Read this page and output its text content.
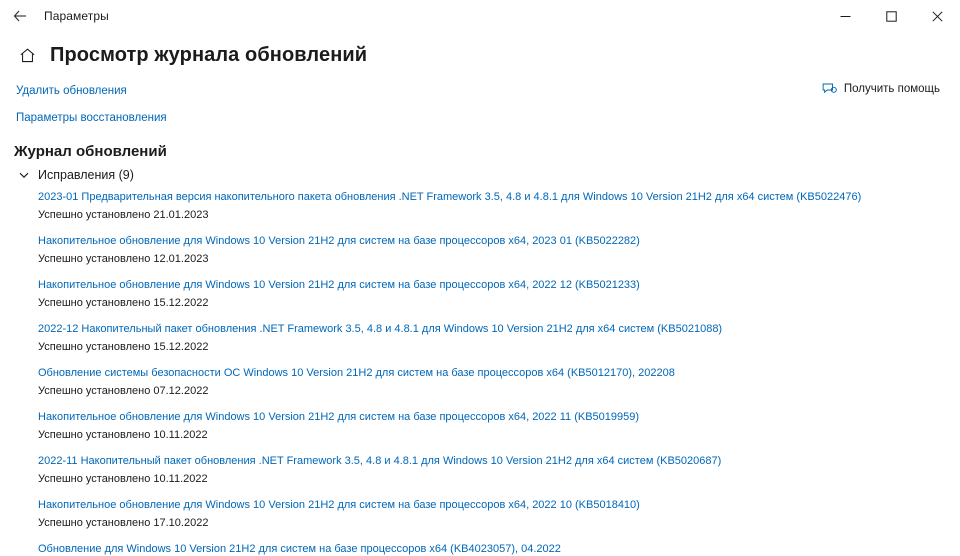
Параметры
Просмотр журнала обновлений
Удалить обновления
Параметры восстановления
Получить помощь
Журнал обновлений
Исправления (9)
2023-01 Предварительная версия накопительного пакета обновления .NET Framework 3.5, 4.8 и 4.8.1 для Windows 10 Version 21H2 для x64 систем (KB5022476)
Успешно установлено 21.01.2023
Накопительное обновление для Windows 10 Version 21H2 для систем на базе процессоров x64, 2023 01 (KB5022282)
Успешно установлено 12.01.2023
Накопительное обновление для Windows 10 Version 21H2 для систем на базе процессоров x64, 2022 12 (KB5021233)
Успешно установлено 15.12.2022
2022-12 Накопительный пакет обновления .NET Framework 3.5, 4.8 и 4.8.1 для Windows 10 Version 21H2 для x64 систем (KB5021088)
Успешно установлено 15.12.2022
Обновление системы безопасности ОС Windows 10 Version 21H2 для систем на базе процессоров x64 (KB5012170), 202208
Успешно установлено 07.12.2022
Накопительное обновление для Windows 10 Version 21H2 для систем на базе процессоров x64, 2022 11 (KB5019959)
Успешно установлено 10.11.2022
2022-11 Накопительный пакет обновления .NET Framework 3.5, 4.8 и 4.8.1 для Windows 10 Version 21H2 для x64 систем (KB5020687)
Успешно установлено 10.11.2022
Накопительное обновление для Windows 10 Version 21H2 для систем на базе процессоров x64, 2022 10 (KB5018410)
Успешно установлено 17.10.2022
Обновление для Windows 10 Version 21H2 для систем на базе процессоров x64 (KB4023057), 04.2022
